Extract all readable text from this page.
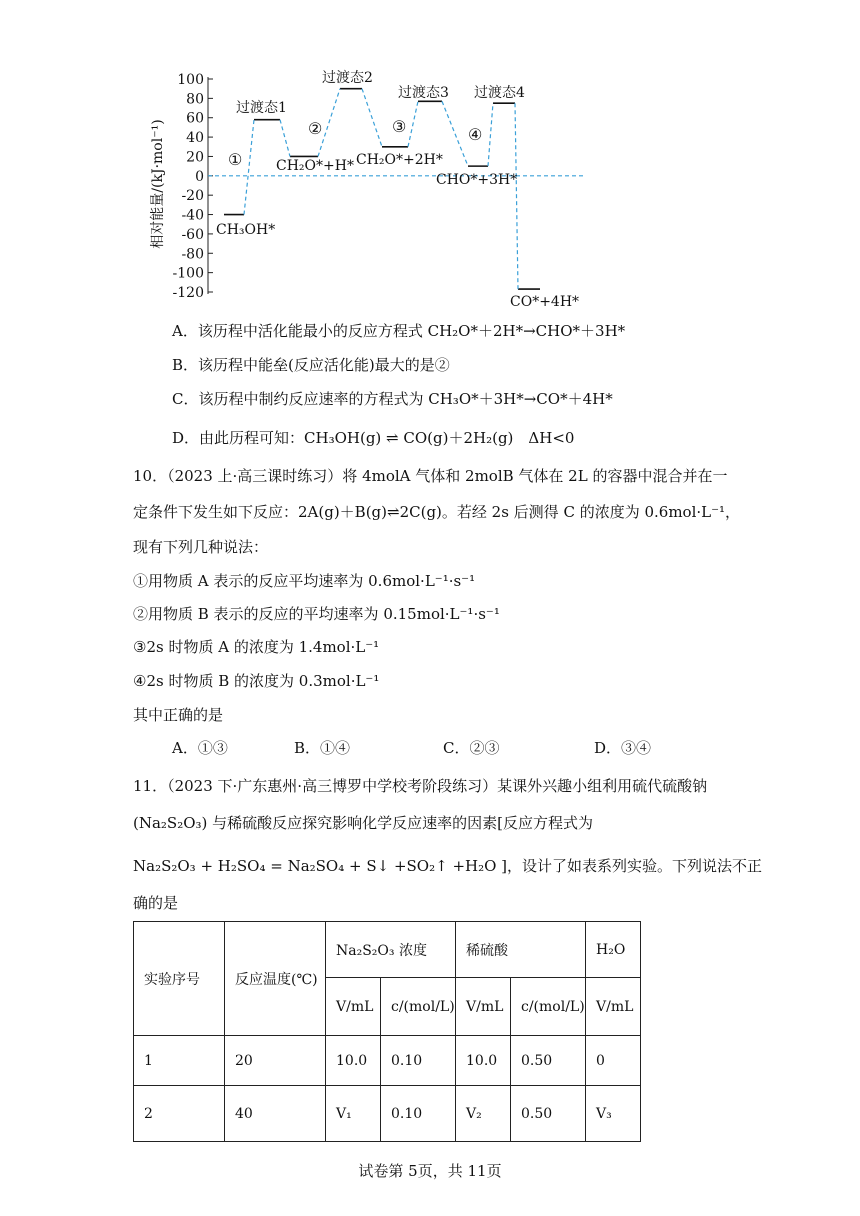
相对能量/(kJ·mol⁻¹)
100
80
60
40
20
0
-20
-40
-60
-80
-100
-120
过渡态1
过渡态2
过渡态3 过渡态4
CH₃OH*
CH₂O*+H* CH₂O*+2H*
CHO*+3H*
CO*+4H*
①
②	③	④
A．该历程中活化能最小的反应方程式 CH₂O*＋2H*→CHO*＋3H*
B．该历程中能垒(反应活化能)最大的是②
C．该历程中制约反应速率的方程式为 CH₃O*＋3H*→CO*＋4H*
D．由此历程可知：CH₃OH(g) ⇌ CO(g)＋2H₂(g)　ΔH<0
10．（2023 上·高三课时练习）将 4molA 气体和 2molB 气体在 2L 的容器中混合并在一
定条件下发生如下反应：2A(g)＋B(g)⇌2C(g)。若经 2s 后测得 C 的浓度为 0.6mol·L⁻¹，
现有下列几种说法：
①用物质 A 表示的反应平均速率为 0.6mol·L⁻¹·s⁻¹
②用物质 B 表示的反应的平均速率为 0.15mol·L⁻¹·s⁻¹
③2s 时物质 A 的浓度为 1.4mol·L⁻¹
④2s 时物质 B 的浓度为 0.3mol·L⁻¹
其中正确的是
A．①③	B．①④	C．②③	D．③④
11．（2023 下·广东惠州·高三博罗中学校考阶段练习）某课外兴趣小组利用硫代硫酸钠
(Na₂S₂O₃) 与稀硫酸反应探究影响化学反应速率的因素[反应方程式为
Na₂S₂O₃ + H₂SO₄ = Na₂SO₄ + S↓ +SO₂↑ +H₂O ]，设计了如表系列实验。下列说法不正
确的是
实验序号	反应温度(℃)	Na₂S₂O₃ 浓度		稀硫酸		H₂O
		V/mL	c/(mol/L)	V/mL	c/(mol/L)	V/mL
1	20	10.0	0.10	10.0	0.50	0
2	40	V₁	0.10	V₂	0.50	V₃
试卷第 5页，共 11页
